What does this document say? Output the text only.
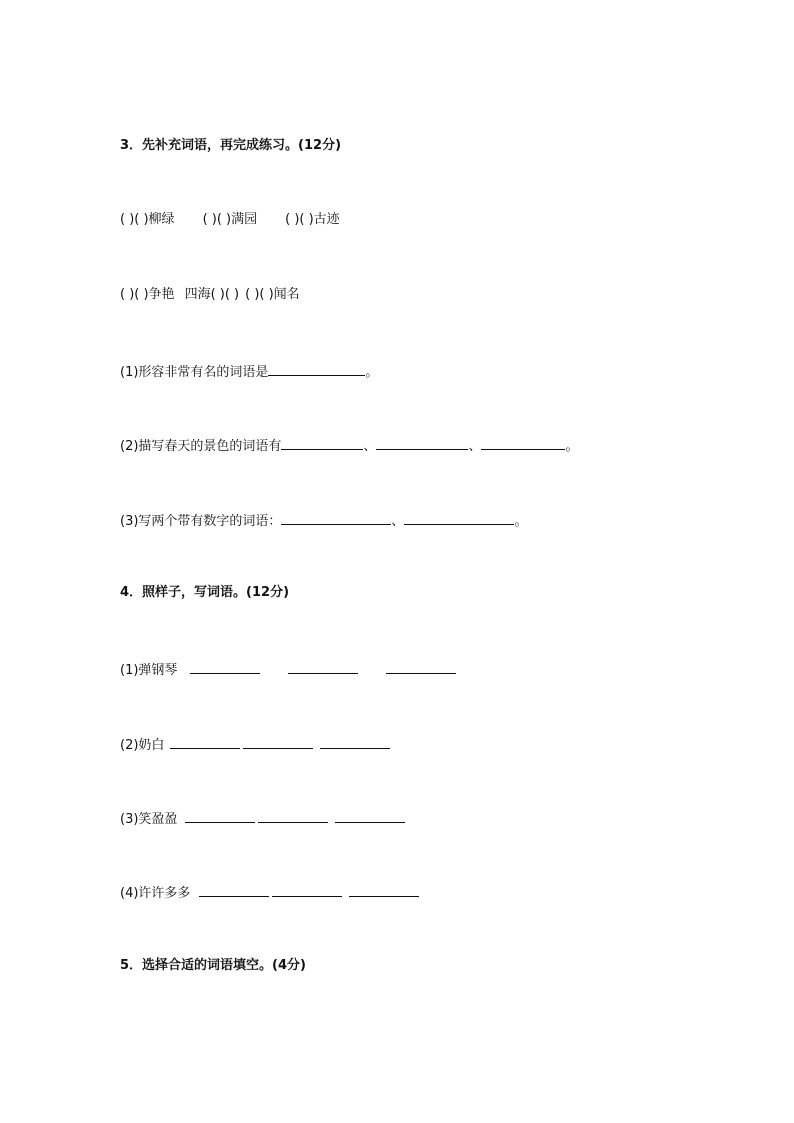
3．先补充词语，再完成练习。(12分)
( )( )柳绿 ( )( )满园 ( )( )古迹
( )( )争艳 四海( )( ) ( )( )闻名
(1)形容非常有名的词语是	。
(2)描写春天的景色的词语有	、	、	。
(3)写两个带有数字的词语：	、	。
4．照样子，写词语。(12分)
(1)弹钢琴
(2)奶白
(3)笑盈盈
(4)许许多多
5．选择合适的词语填空。(4分)
